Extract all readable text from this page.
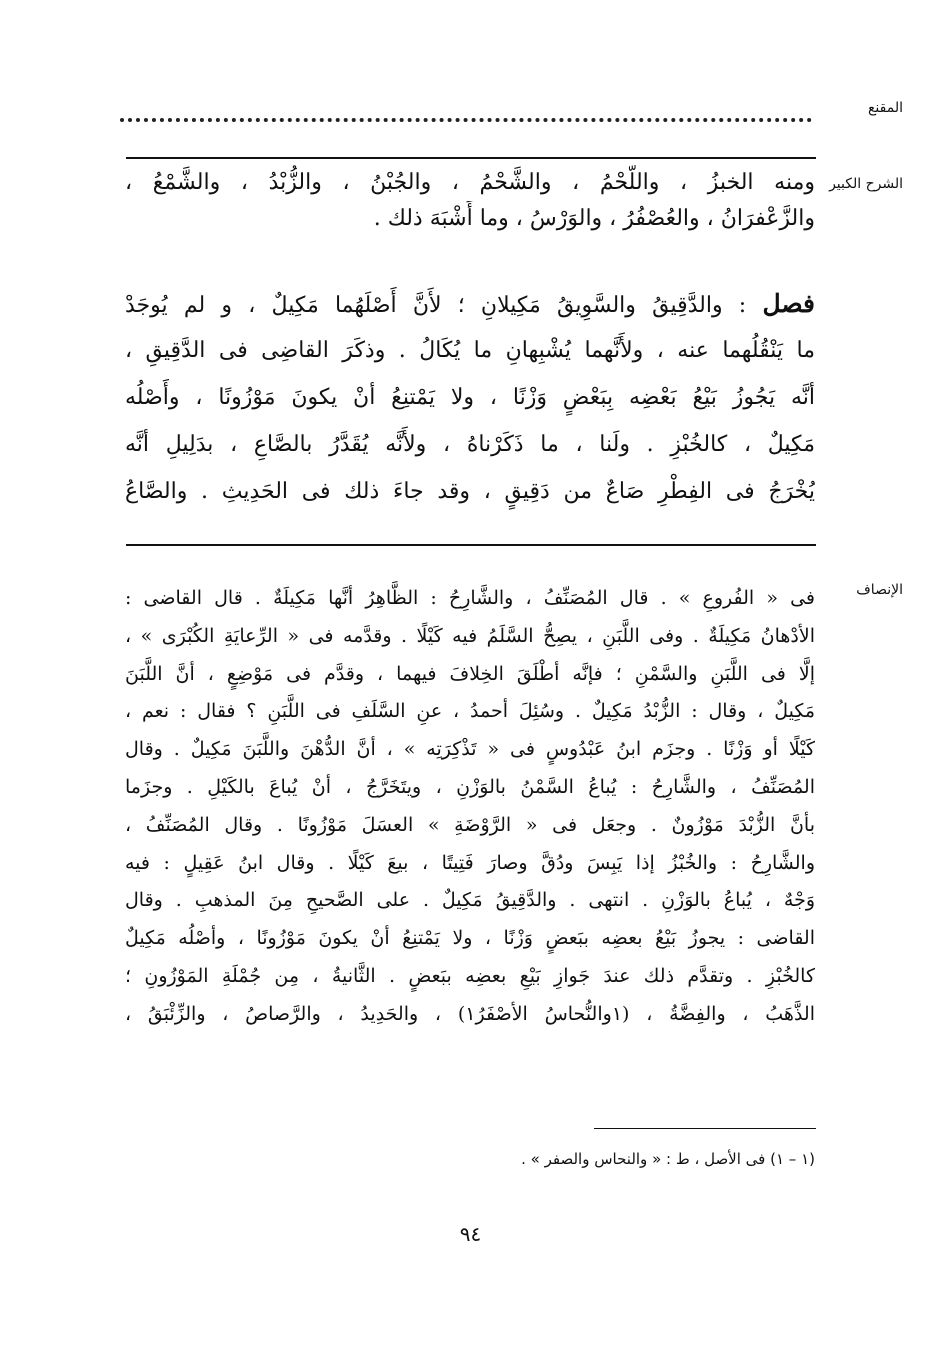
المقنع
الشرح الكبير
ومنه الخبزُ ، واللَّحْمُ ، والشَّحْمُ ، والجُبْنُ ، والزُّبْدُ ، والشَّمْعُ ،
والزَّعْفرَانُ ، والعُصْفُرُ ، والوَرْسُ ، وما أَشْبَهَ ذلك .
فصل : والدَّقِيقُ والسَّوِيقُ مَكِيلانِ ؛ لأَنَّ أَصْلَهُما مَكِيلٌ ، و لم يُوجَدْ
ما يَنْقُلُهما عنه ، ولأَنَّهما يُشْبِهانِ ما يُكَالُ . وذكَرَ القاضِى فى الدَّقِيقِ ،
أنَّه يَجُوزُ بَيْعُ بَعْضِه بِبَعْضٍ وَزْنًا ، ولا يَمْتنِعُ أنْ يكونَ مَوْزُونًا ، وأَصْلُه
مَكِيلٌ ، كالخُبْزِ . ولَنا ، ما ذَكَرْناهُ ، ولأَنَّه يُقَدَّرُ بالصَّاعِ ، بدَلِيلِ أنَّه
يُخْرَجُ فى الفِطْرِ صَاعٌ من دَقِيقٍ ، وقد جاءَ ذلك فى الحَدِيثِ . والصَّاعُ
الإنصاف
فى « الفُروعِ » . قال المُصَنِّفُ ، والشَّارِحُ : الظَّاهِرُ أنَّها مَكِيلَةٌ . قال القاضى :
الأدْهانُ مَكِيلَةٌ . وفى اللَّبَنِ ، يصِحُّ السَّلَمُ فيه كَيْلًا . وقدَّمه فى « الرِّعايَةِ الكُبْرَى » ،
إلَّا فى اللَّبَنِ والسَّمْنِ ؛ فإنَّه أطْلَقَ الخِلافَ فيهما ، وقدَّم فى مَوْضِعٍ ، أنَّ اللَّبَنَ
مَكِيلٌ ، وقال : الزُّبْدُ مَكِيلٌ . وسُئِلَ أحمدُ ، عنِ السَّلَفِ فى اللَّبَنِ ؟ فقال : نعم ،
كَيْلًا أو وَزْنًا . وجزَم ابنُ عَبْدُوسٍ فى « تَذْكِرَتِه » ، أنَّ الدُّهْنَ واللَّبَنَ مَكِيلٌ . وقال
المُصَنِّفُ ، والشَّارِحُ : يُباعُ السَّمْنُ بالوَزْنِ ، ويتَخَرَّجُ ، أنْ يُباعَ بالكَيْلِ . وجزَما
بأنَّ الزُّبْدَ مَوْزُونٌ . وجعَل فى « الرَّوْضَةِ » العسَلَ مَوْزُونًا . وقال المُصَنِّفُ ،
والشَّارِحُ : والخُبْزُ إذا يَبِسَ ودُقَّ وصارَ فَتِيتًا ، بيعَ كَيْلًا . وقال ابنُ عَقِيلٍ : فيه
وَجْهٌ ، يُباعُ بالوَزْنِ . انتهى . والدَّقِيقُ مَكِيلٌ . على الصَّحيحِ مِنَ المذهبِ . وقال
القاضى : يجوزُ بَيْعُ بعضِه ببَعضٍ وَزْنًا ، ولا يَمْتنِعُ أنْ يكونَ مَوْزُونًا ، وأصْلُه مَكِيلٌ
كالخُبْزِ . وتقدَّم ذلك عندَ جَوازِ بَيْعِ بعضِه ببَعضٍ . الثَّانيةُ ، مِن جُمْلَةِ المَوْزُونِ ؛
الذَّهَبُ ، والفِضَّةُ ، (١والنُّحاسُ الأصْفَرُ١) ، والحَدِيدُ ، والرَّصاصُ ، والزِّئْبَقُ ،
(١ – ١) فى الأصل ، ط : « والنحاس والصفر » .
٩٤
